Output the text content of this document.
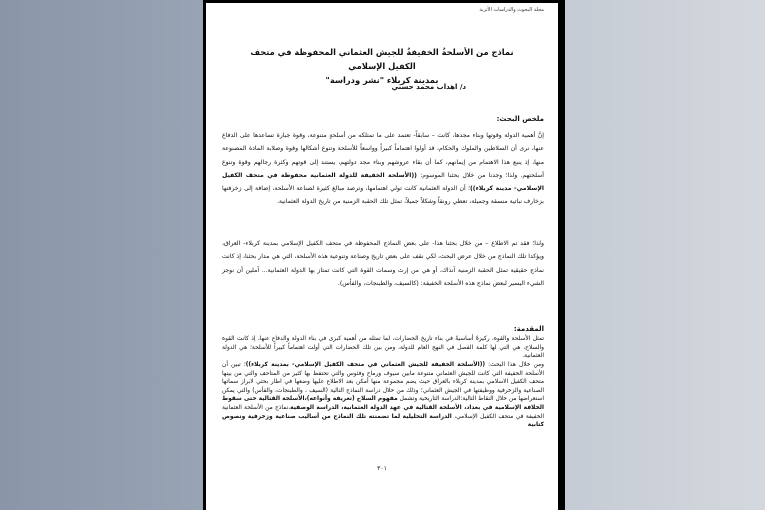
مجلة البحوث والدراسات الأثرية
نماذج من الأسلحةُ الخفيفةُ للجيش العثماني المحفوظة في متحف الكفيل الإسلامي
بمدينة كربلاء "نشر ودراسة"
د/ اهداب محمد حسني
ملخص البحث:
إنَّ أهمية الدولة وقوتها وبناء مجدها، كانت – سابقاً- تعتمد على ما تمتلكه من أسلحةٍ متنوعة، وقوة جبارة تساعدها على الدفاع عنها، نرى أن السلاطين والملوك والحكام، قد أولوا اهتماماً كبيراً وواسعاً للأسلحة وتنوع أشكالها وقوة وصلابة المادة المصنوعة منها، إذ ينبع هذا الاهتمام من إيمانهم، كما أن بقاء عروشهم وبناء مجد دولتهم، يستند إلى قوتهم وكثرة رجالهم وقوة وتنوع أسلحتهم. ولذا؛ وجدنا من خلال بحثنا الموسوم: ((الأسلحة الخفيفة للدولة العثمانية محفوظة في متحف الكفيل الإسلامي- مدينة كربلاء))؛ أن الدولة العثمانية كانت تولي اهتمامها، وترصد مبالغ كثيرة لصناعة الأسلحة، إضافة إلى زخرفتها بزخارف نباتية منسقة وجميلة، تعطي رونقاً وشكلاً جميلاً، تمثل تلك الحقبة الزمنية من تاريخ الدولة العثمانية.
ولذا؛ فقد تم الاطلاع – من خلال بحثنا هذا- على بعض النماذج المحفوظة في متحف الكفيل الإسلامي بمدينة كربلاء- العراق، ويؤكدا تلك النماذج من خلال عرض البحث، لكي نقف على بعض تاريخ وصناعة وتنوعية هذه الأسلحة، التي هي مدار بحثنا، إذ كانت نماذج حقيقية تمثل الحقبة الزمنية آنذاك، أو هي من إرث وسمات القوة التي كانت تمتاز بها الدولة العثمانية... آملين أن نوجز الشيء اليسير لبعض نماذج هذه الأسلحة الخفيفة: (كالسيف، والطبنجات، والفأس).
المقدمة:
تمثل الأسلحة والقوة، ركيزةً أساسيةً في بناء تاريخ الحضارات، لما تمثله من أهمية كبرى في بناء الدولة والدفاع عنها، إذ كانت القوة والسلاح، هي التي لها كلمة الفصل في النهج العام للدولة، ومن بين تلك الحضارات التي أولت اهتماماً كبيراً للأسلحة؛ هي الدولة العثمانية.
ومن خلال هذا البحث: ((الأسلحة الخفيفة للجيش العثماني في متحف الكفيل الإسلامي- بمدينة كربلاء))؛ تبين أن الأسلحة الخفيفة التي كانت للجيش العثماني متنوعة مابين سيوف ورماح وفئوس والتي تحتفظ بها كثير من المتاحف والتي من بينها متحف الكفيل الاسلامي بمدينة كربلاء بالعراق حيث يضم مجموعة منها أمكن بعد الاطلاع عليها وضعها في اطار بحثي لابراز سماتها الصناعية والزخرفية ووظيفتها في الجيش العثماني؛ وذلك من خلال دراسة النماذج التالية (السيف ، والطبنجات، والفأس) والتي يمكن استعراضها من خلال النقاط التالية:الدراسة التاريخية وتشمل مفهوم السلاح (تعريفه وأنواعه)،الأسلحة القتالية حتى سقوط الخلافة الإسلامية في بغداد، الأسلحة القتالية في عهد الدولة العثمانية، الدراسة الوصفية،نماذج من الأسلحة العثمانية الخفيفة في متحف الكفيل الإسلامي، الدراسة التحليلية لما تضمنته تلك النماذج من أساليب صناعية وزخرفية ونصوص كتابية
٣٠١
